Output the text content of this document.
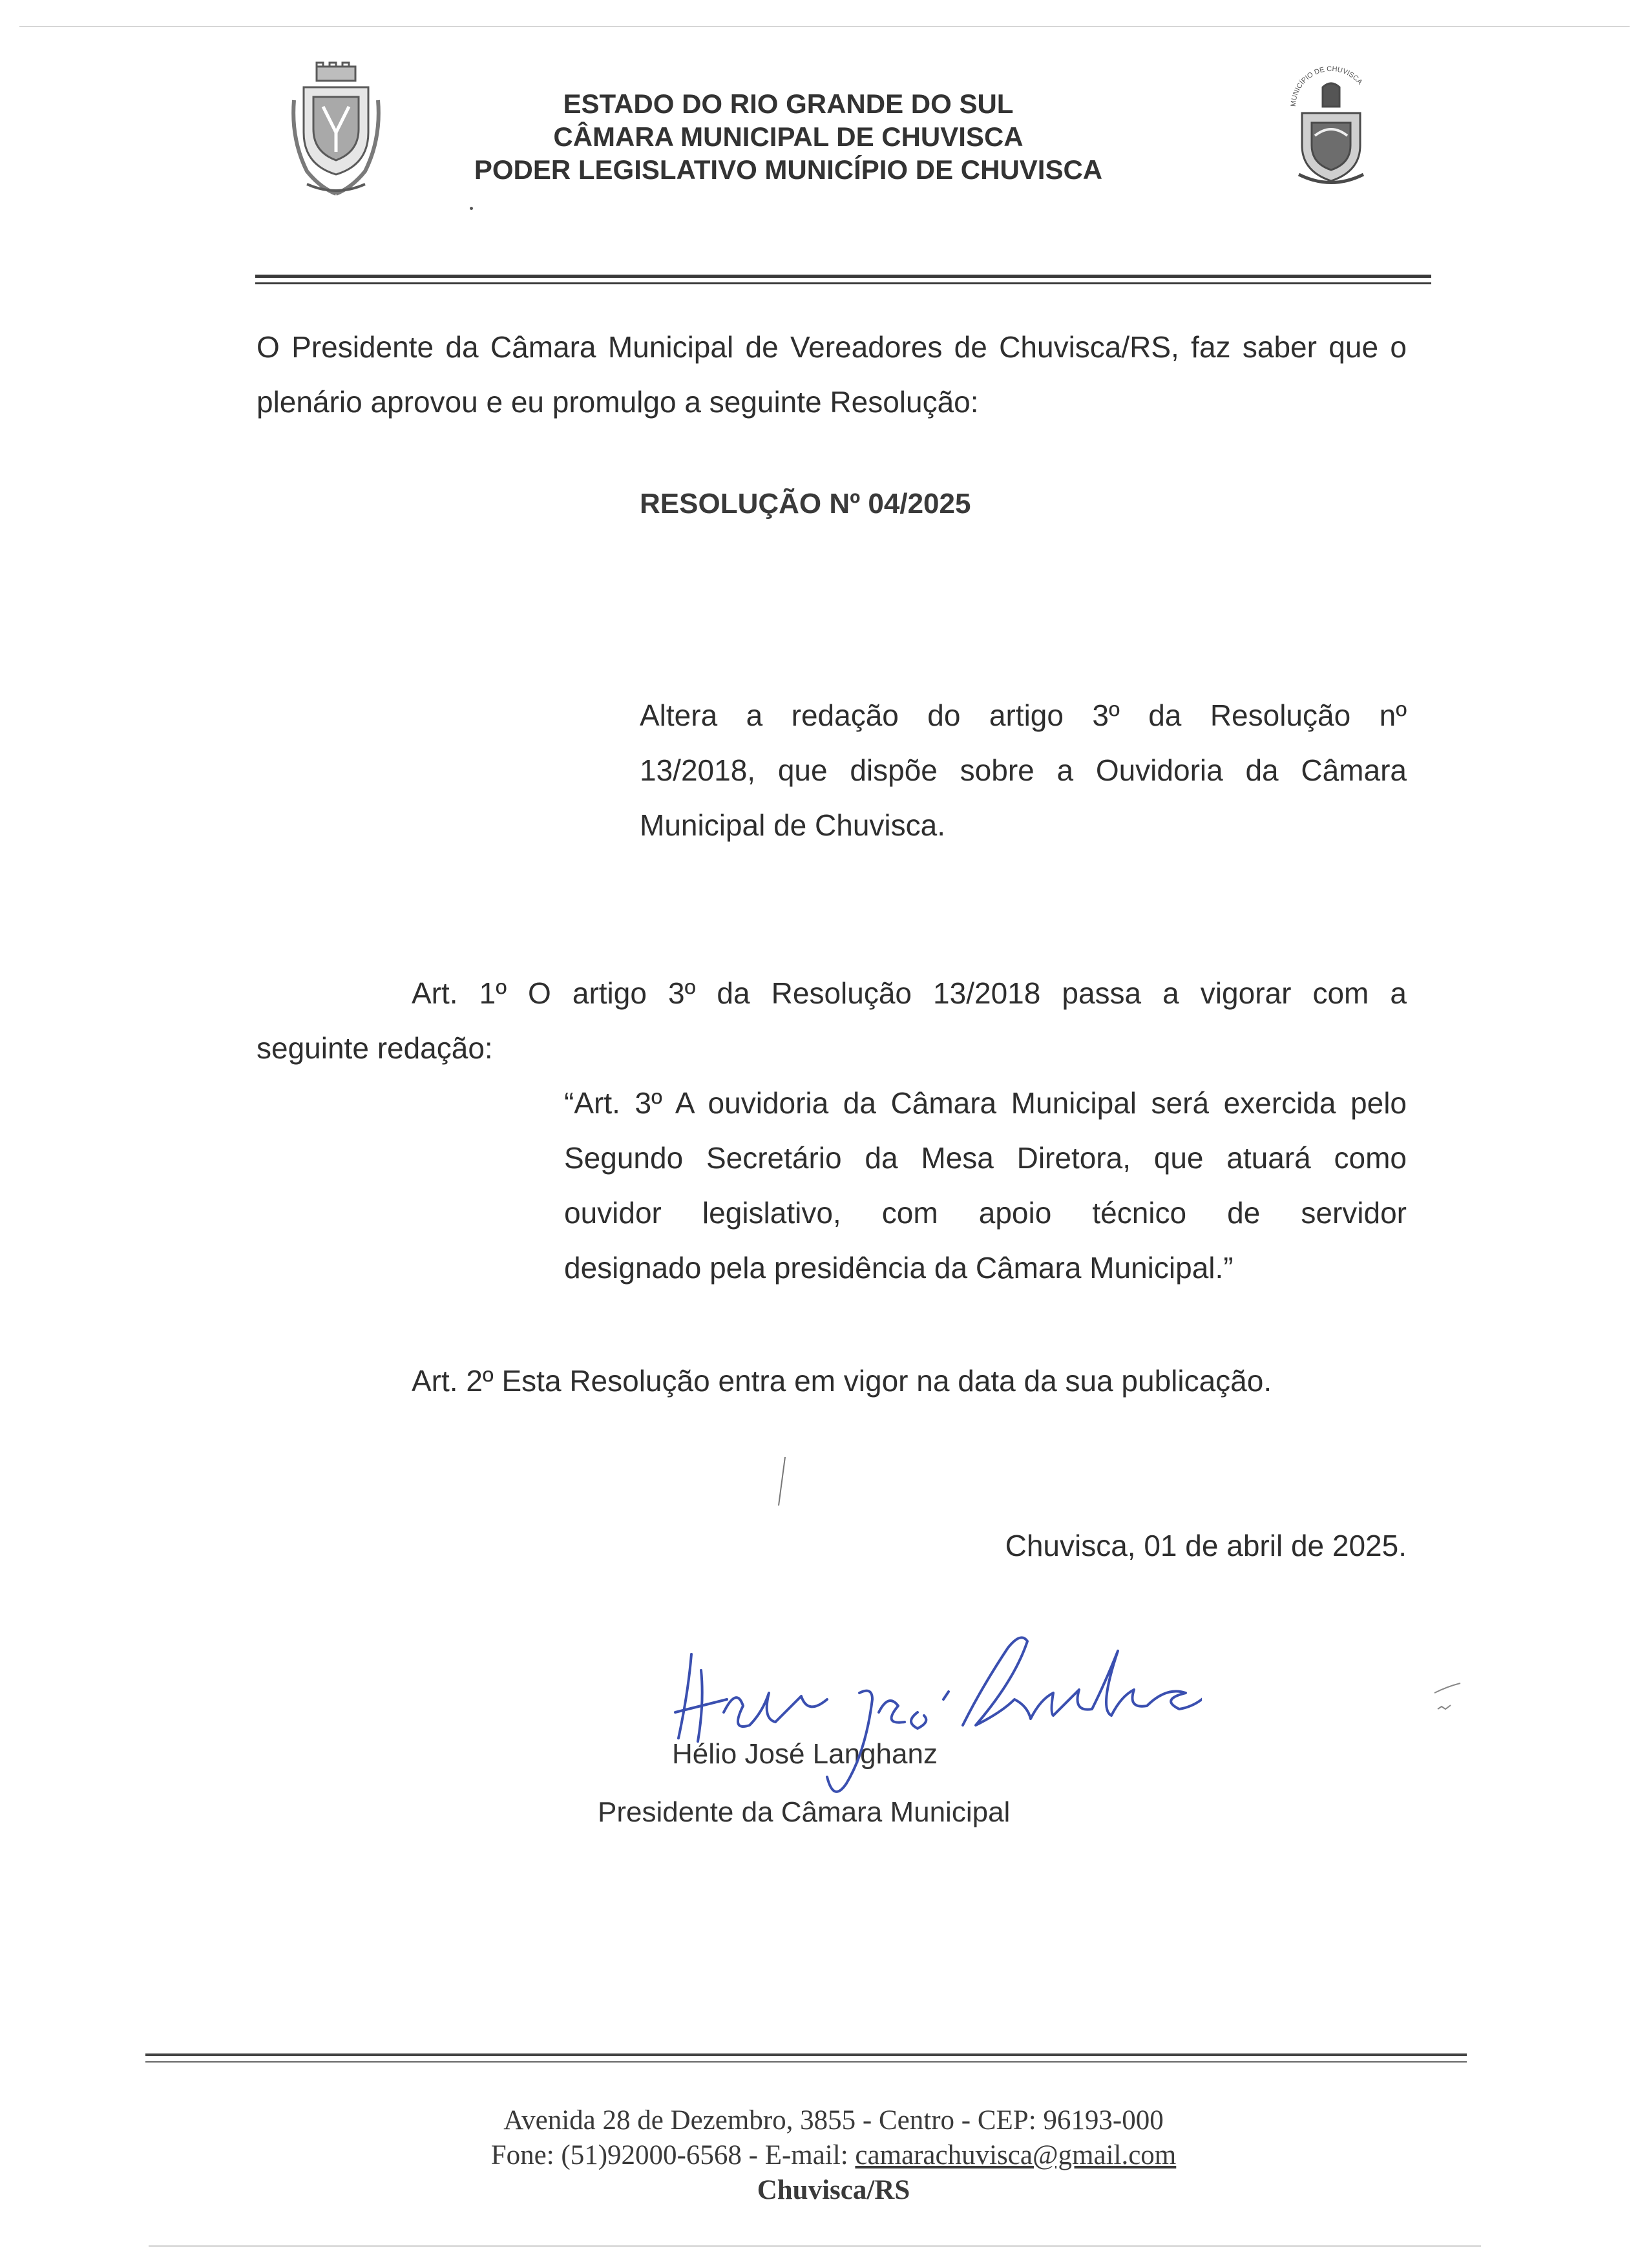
ESTADO DO RIO GRANDE DO SUL
CÂMARA MUNICIPAL DE CHUVISCA
PODER LEGISLATIVO MUNICÍPIO DE CHUVISCA
MUNICÍPIO DE CHUVISCA
O Presidente da Câmara Municipal de Vereadores de Chuvisca/RS, faz saber que o plenário aprovou e eu promulgo a seguinte Resolução:
RESOLUÇÃO Nº 04/2025
Altera a redação do artigo 3º da Resolução nº
13/2018, que dispõe sobre a Ouvidoria da Câmara
Municipal de Chuvisca.
Art. 1º O artigo 3º da Resolução 13/2018 passa a vigorar com a
seguinte redação:
“Art. 3º A ouvidoria da Câmara Municipal será exercida pelo
Segundo Secretário da Mesa Diretora, que atuará como
ouvidor legislativo, com apoio técnico de servidor
designado pela presidência da Câmara Municipal.”
Art. 2º Esta Resolução entra em vigor na data da sua publicação.
Chuvisca, 01 de abril de 2025.
Hélio José Langhanz
Presidente da Câmara Municipal
Avenida 28 de Dezembro, 3855 - Centro - CEP: 96193-000
Fone: (51)92000-6568 - E-mail: camarachuvisca@gmail.com
Chuvisca/RS
